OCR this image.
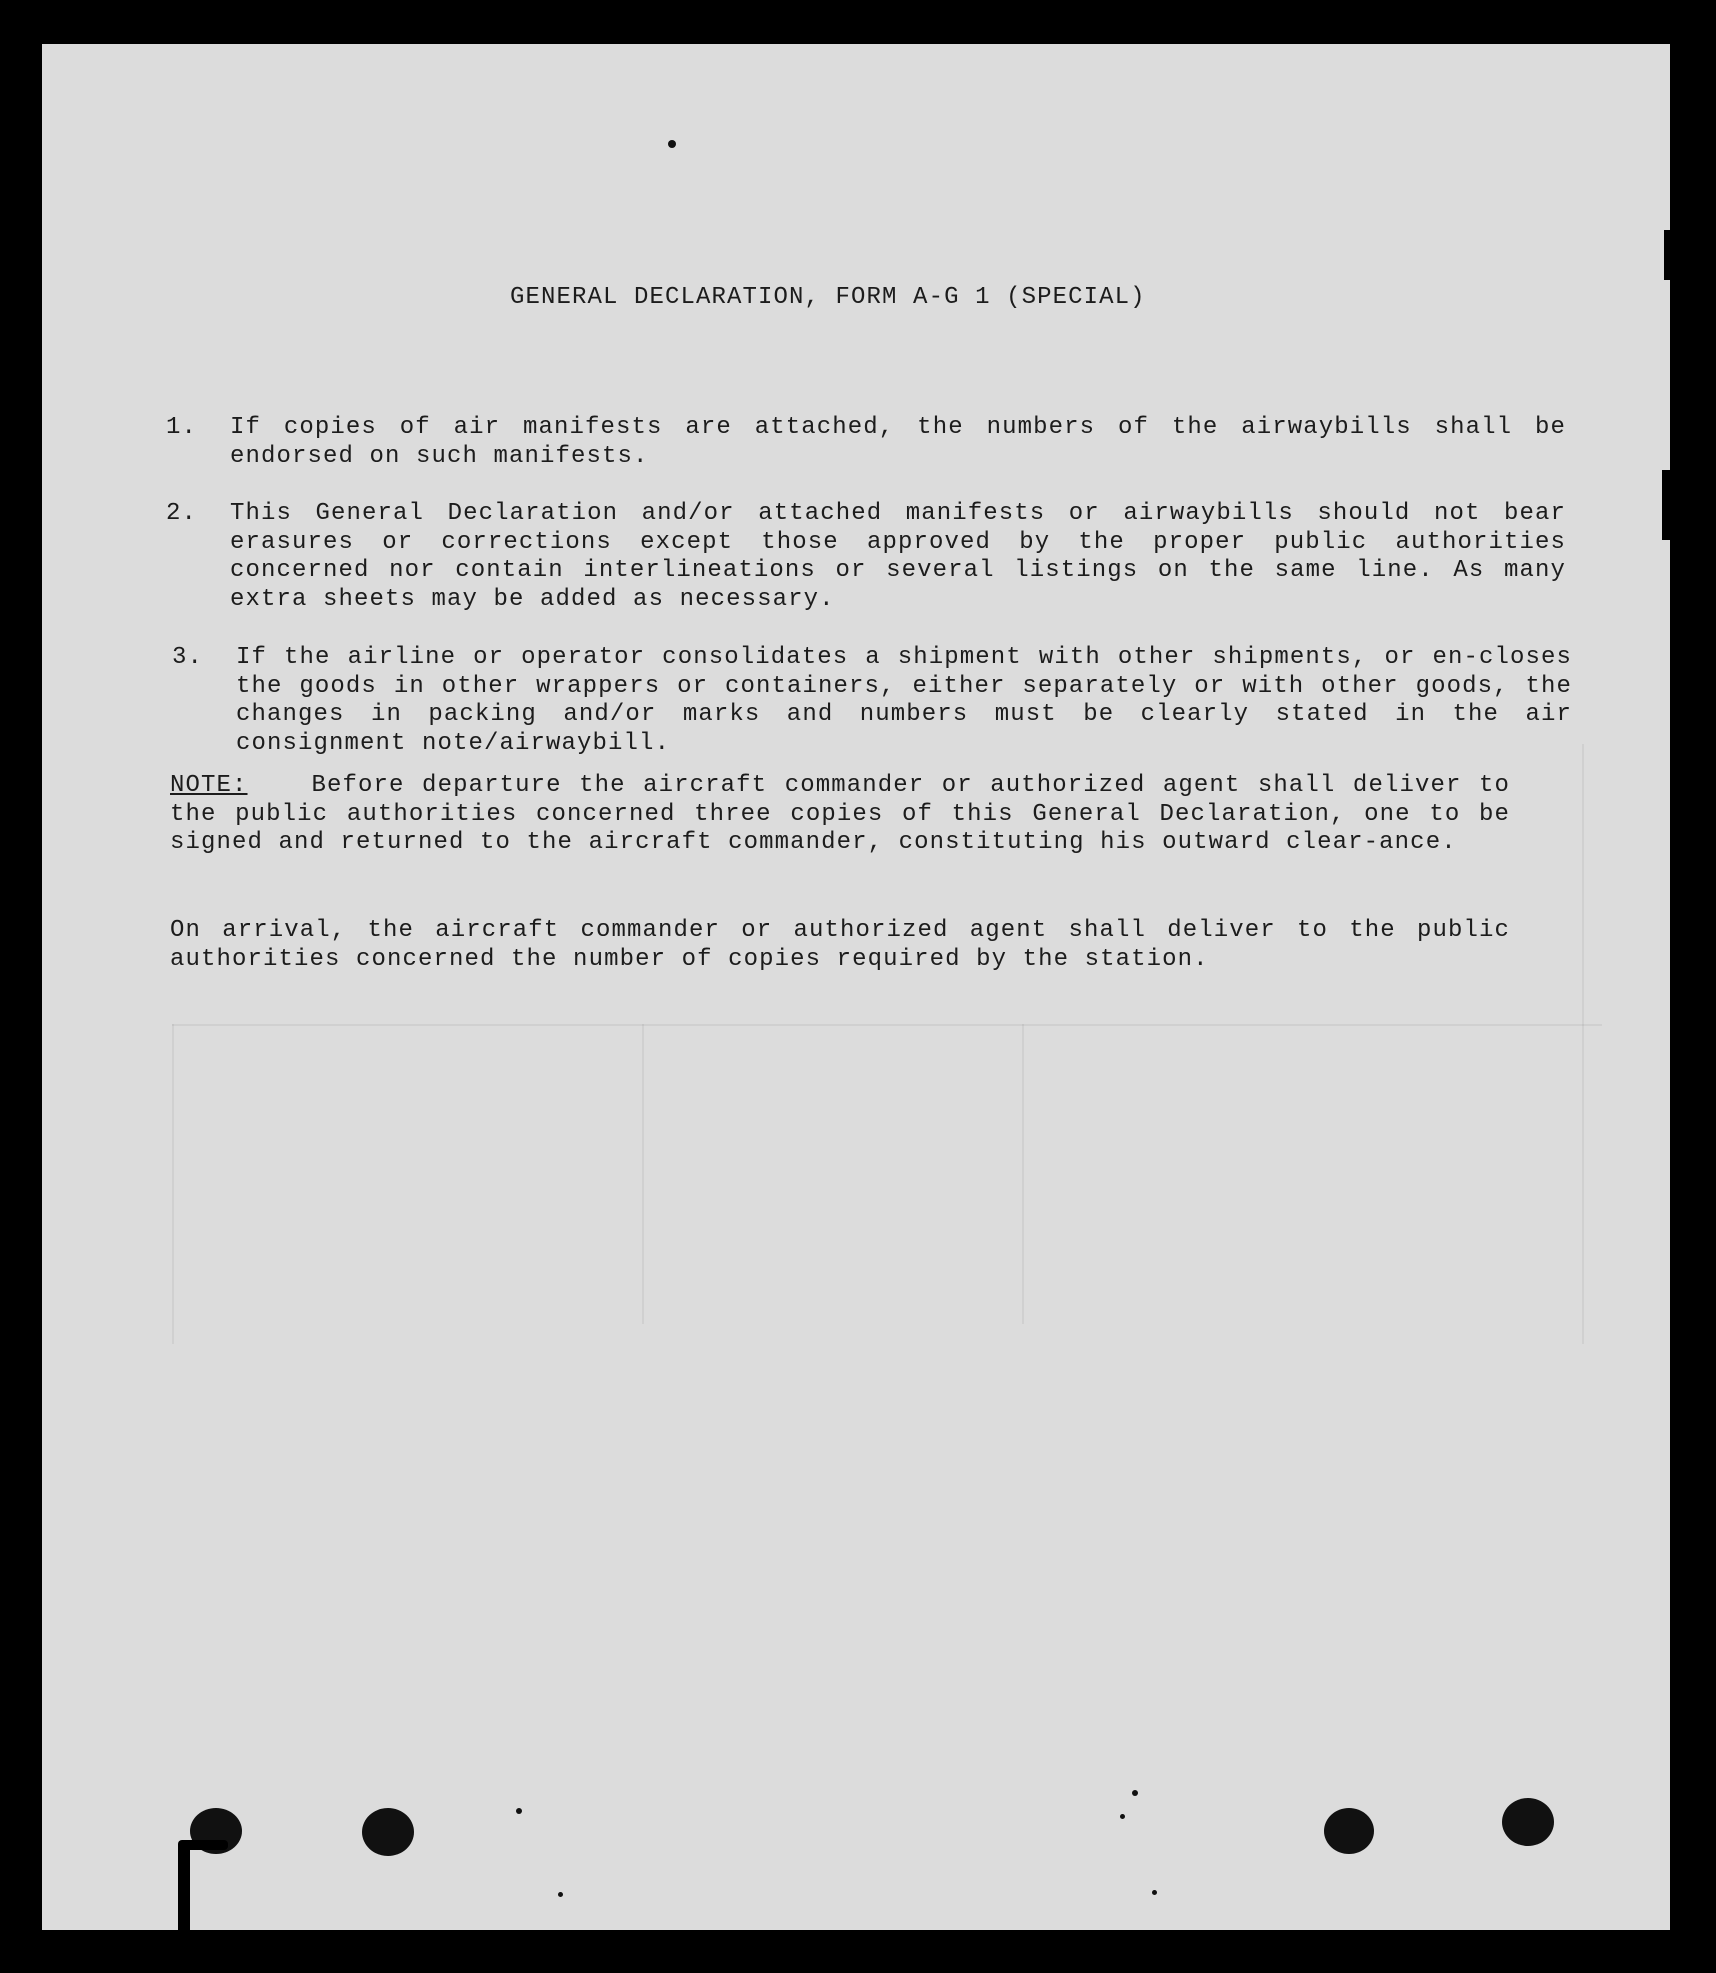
GENERAL DECLARATION, FORM A-G 1 (SPECIAL)
1. If copies of air manifests are attached, the numbers of the airwaybills shall be endorsed on such manifests.
2. This General Declaration and/or attached manifests or airwaybills should not bear erasures or corrections except those approved by the proper public authorities concerned nor contain interlineations or several listings on the same line. As many extra sheets may be added as necessary.
3. If the airline or operator consolidates a shipment with other shipments, or en-closes the goods in other wrappers or containers, either separately or with other goods, the changes in packing and/or marks and numbers must be clearly stated in the air consignment note/airwaybill.
NOTE:	Before departure the aircraft commander or authorized agent shall deliver to the public authorities concerned three copies of this General Declaration, one to be signed and returned to the aircraft commander, constituting his outward clear-ance.
On arrival, the aircraft commander or authorized agent shall deliver to the public authorities concerned the number of copies required by the station.
